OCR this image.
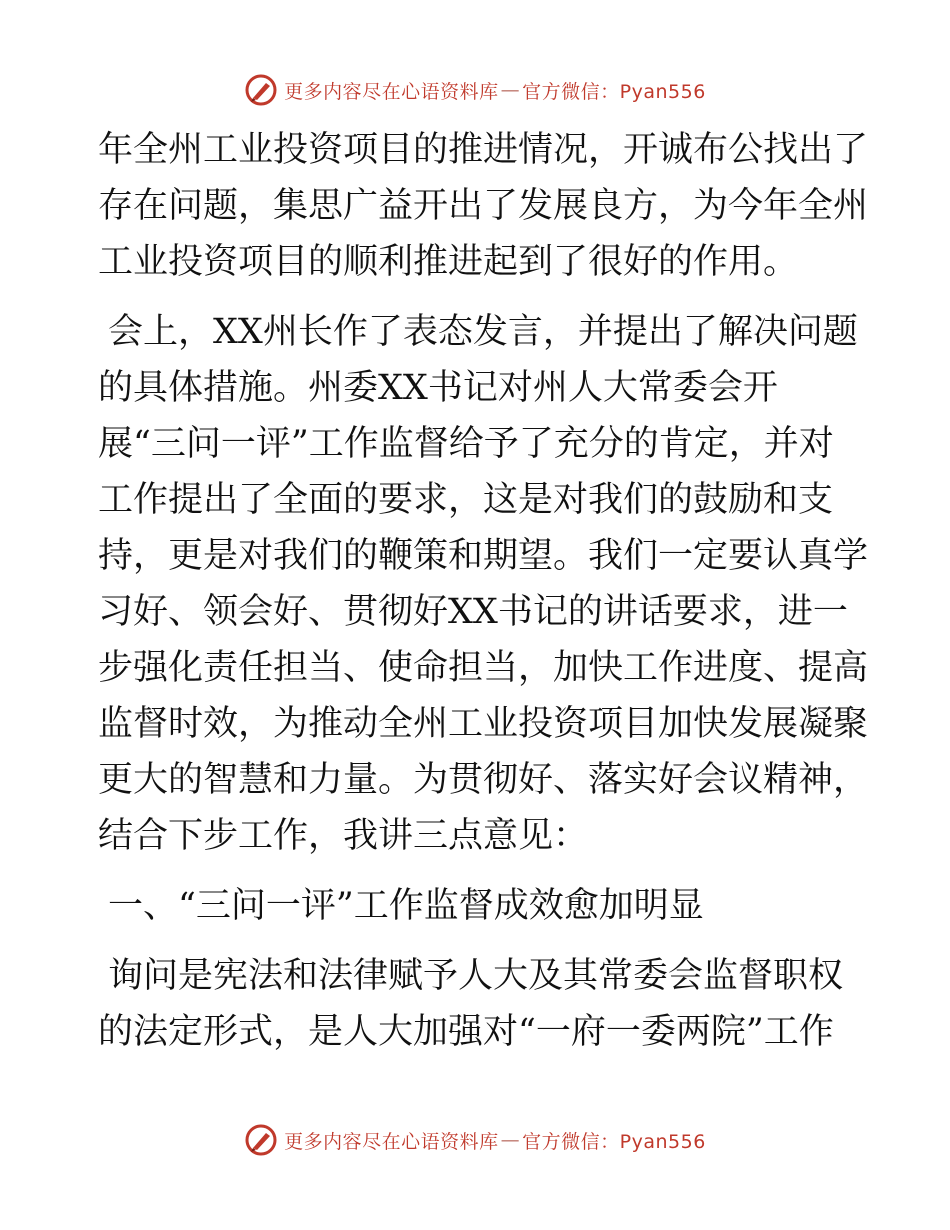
更多内容尽在心语资料库 — 官方微信：Pyan556
年全州工业投资项目的推进情况，开诚布公找出了
存在问题，集思广益开出了发展良方，为今年全州
工业投资项目的顺利推进起到了很好的作用。
会上，XX州长作了表态发言，并提出了解决问题
的具体措施。州委XX书记对州人大常委会开
展“三问一评”工作监督给予了充分的肯定，并对
工作提出了全面的要求，这是对我们的鼓励和支
持，更是对我们的鞭策和期望。我们一定要认真学
习好、领会好、贯彻好XX书记的讲话要求，进一
步强化责任担当、使命担当，加快工作进度、提高
监督时效，为推动全州工业投资项目加快发展凝聚
更大的智慧和力量。为贯彻好、落实好会议精神，
结合下步工作，我讲三点意见：
一、“三问一评”工作监督成效愈加明显
询问是宪法和法律赋予人大及其常委会监督职权
的法定形式，是人大加强对“一府一委两院”工作
更多内容尽在心语资料库 — 官方微信：Pyan556
